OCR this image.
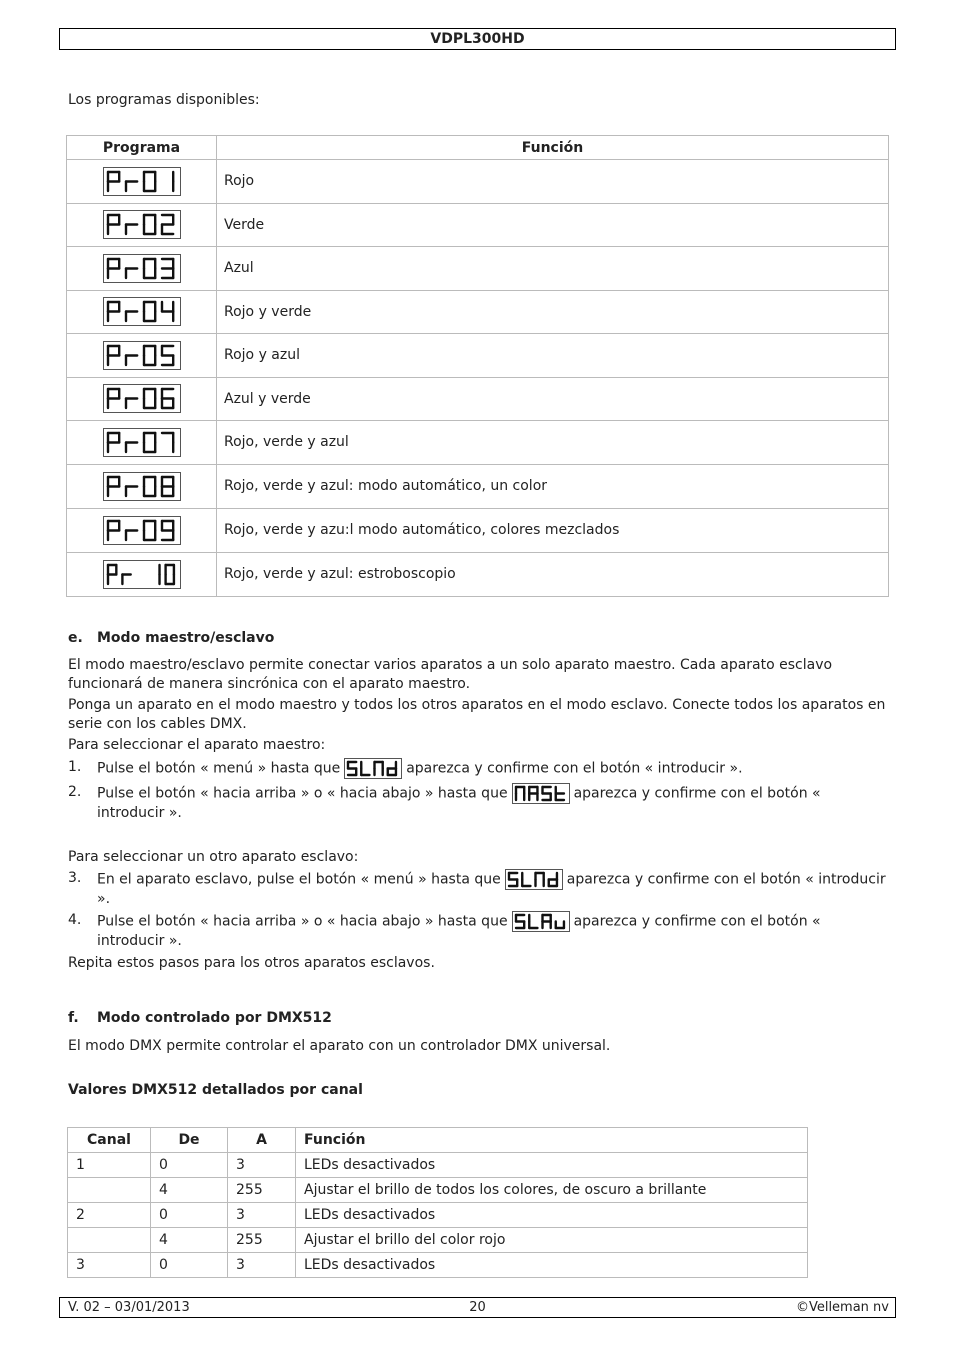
VDPL300HD
Los programas disponibles:
Programa	Función

	Rojo

	Verde

	Azul

	Rojo y verde

	Rojo y azul

	Azul y verde

	Rojo, verde y azul

	Rojo, verde y azul: modo automático, un color

	Rojo, verde y azu:l modo automático, colores mezclados

	Rojo, verde y azul: estroboscopio
e. Modo maestro/esclavo
El modo maestro/esclavo permite conectar varios aparatos a un solo aparato maestro. Cada aparato esclavo funcionará de manera sincrónica con el aparato maestro.
Ponga un aparato en el modo maestro y todos los otros aparatos en el modo esclavo. Conecte todos los aparatos en serie con los cables DMX.
Para seleccionar el aparato maestro:
1. Pulse el botón « menú » hasta que	aparezca y confirme con el botón « introducir ».
2. Pulse el botón « hacia arriba » o « hacia abajo » hasta que	aparezca y confirme con el botón « introducir ».
Para seleccionar un otro aparato esclavo:
3. En el aparato esclavo, pulse el botón « menú » hasta que	aparezca y confirme con el botón « introducir ».
4. Pulse el botón « hacia arriba » o « hacia abajo » hasta que	aparezca y confirme con el botón « introducir ».
Repita estos pasos para los otros aparatos esclavos.
f. Modo controlado por DMX512
El modo DMX permite controlar el aparato con un controlador DMX universal.
Valores DMX512 detallados por canal
Canal	De	A	Función
1	0	3	LEDs desactivados
	4	255	Ajustar el brillo de todos los colores, de oscuro a brillante
2	0	3	LEDs desactivados
	4	255	Ajustar el brillo del color rojo
3	0	3	LEDs desactivados
V. 02 – 03/01/2013	20	©Velleman nv
